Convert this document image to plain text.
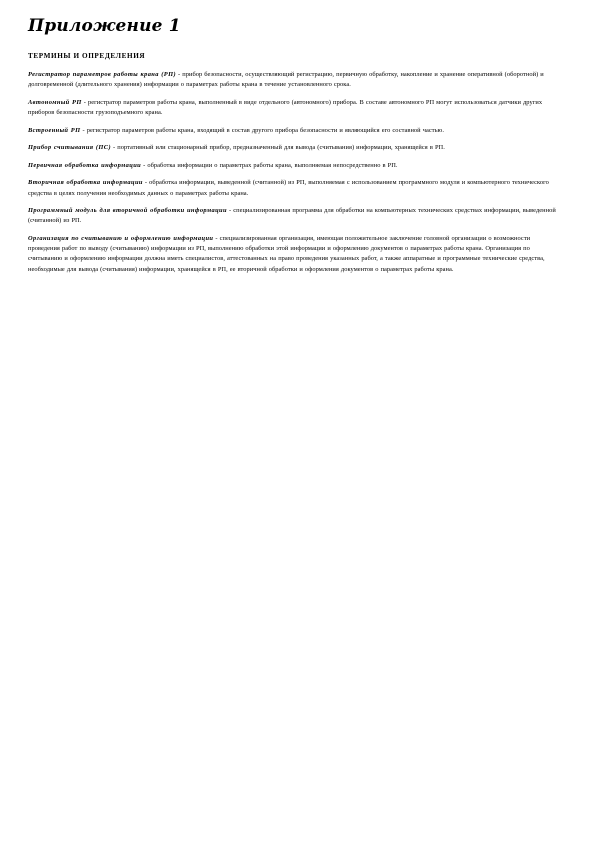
Приложение 1
ТЕРМИНЫ И ОПРЕДЕЛЕНИЯ

Регистратор параметров работы крана (РП) - прибор безопасности, осуществляющий регистрацию, первичную обработку, накопление и хранение оперативной (оборотной) и долговременной (длительного хранения) информации о параметрах работы крана в течение установленного срока.

Автономный РП - регистратор параметров работы крана, выполненный в виде отдельного (автономного) прибора. В составе автономного РП могут использоваться датчики других приборов безопасности грузоподъемного крана.

Встроенный РП - регистратор параметров работы крана, входящий в состав другого прибора безопасности и являющийся его составной частью.

Прибор считывания (ПС) - портативный или стационарный прибор, предназначенный для вывода (считывания) информации, хранящейся в РП.

Первичная обработка информации - обработка информации о параметрах работы крана, выполняемая непосредственно в РП.

Вторичная обработка информации - обработка информации, выведенной (считанной) из РП, выполняемая с использованием программного модуля и компьютерного технического средства в целях получения необходимых данных о параметрах работы крана.

Программный модуль для вторичной обработки информации - специализированная программа для обработки на компьютерных технических средствах информации, выведенной (считанной) из РП.

Организация по считыванию и оформлению информации - специализированная организация, имеющая положительное заключение головной организации о возможности проведения работ по выводу (считыванию) информации из РП, выполнению обработки этой информации и оформлению документов о параметрах работы крана. Организация по считыванию и оформлению информации должна иметь специалистов, аттестованных на право проведения указанных работ, а также аппаратные и программные технические средства, необходимые для вывода (считывания) информации, хранящейся в РП, ее вторичной обработки и оформления документов о параметрах работы крана.
